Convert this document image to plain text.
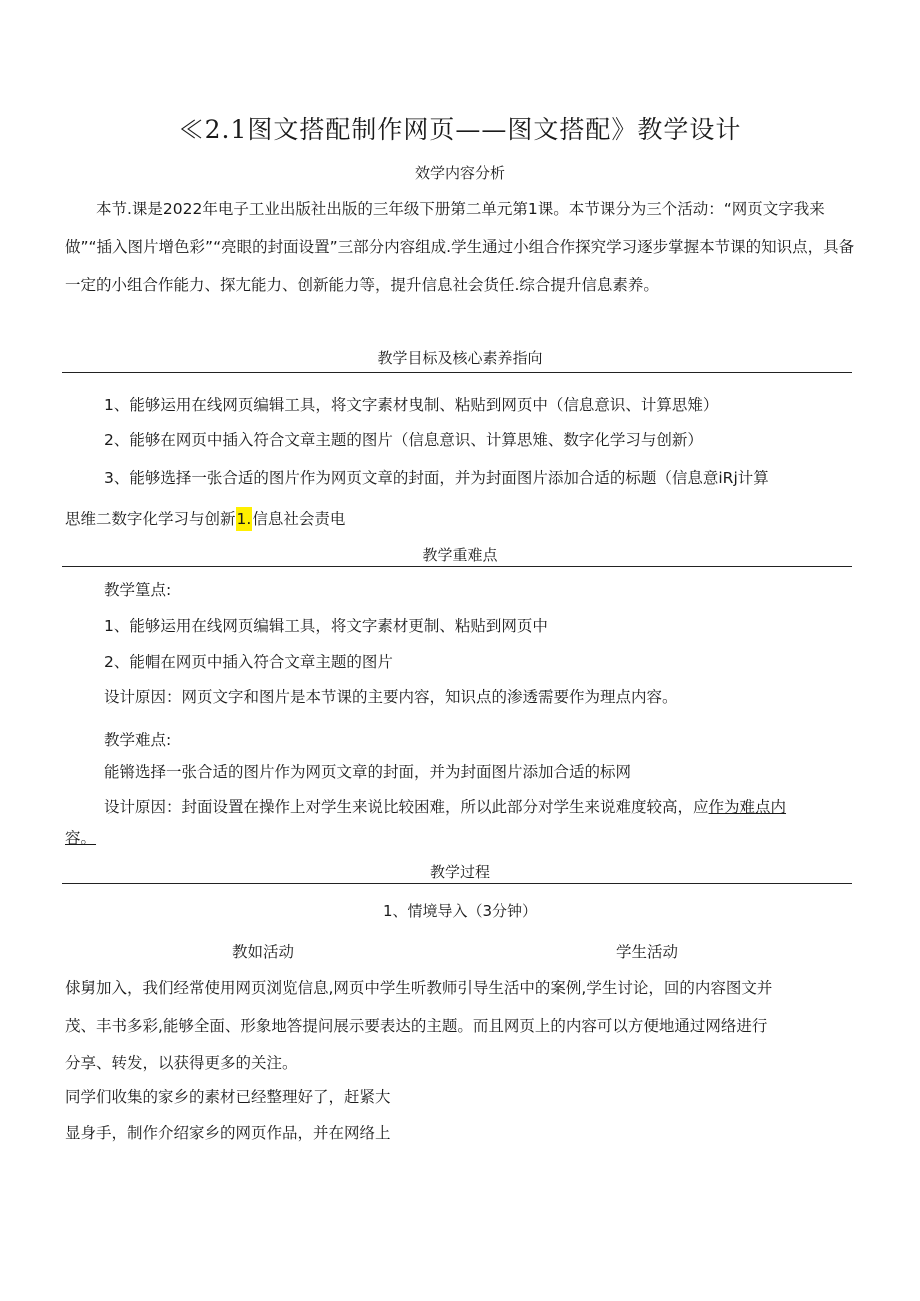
≪2.1图文搭配制作网页——图文搭配》教学设计
效学内容分析
本节.课是2022年电子工业出版社出版的三年级下册第二单元第1课。本节课分为三个活动：“网页文字我来做”“插入图片增色彩”“亮眼的封面设置”三部分内容组成.学生通过小组合作探究学习逐步掌握本节课的知识点，具备一定的小组合作能力、探尢能力、创新能力等，提升信息社会货任.综合提升信息素养。
教学目标及核心素养指向
1、能够运用在线网页编辑工具，将文字素材曳制、粘贴到网页中（信息意识、计算思雉）
2、能够在网页中插入符合文章主题的图片（信息意识、计算思雉、数字化学习与创新）
3、能够选择一张合适的图片作为网页文章的封面，并为封面图片添加合适的标题（信息意iRj计算
思维二数字化学习与创新1.信息社会责电
教学重难点
教学篁点:
1、能够运用在线网页编辑工具，将文字素材更制、粘贴到网页中
2、能帽在网页中插入符合文章主题的图片
设计原因：网页文字和图片是本节课的主要内容，知识点的渗透需要作为理点内容。
教学难点:
能锵选择一张合适的图片作为网页文章的封面，并为封面图片添加合适的标网
设计原因：封面设置在操作上对学生来说比较困难，所以此部分对学生来说难度较高，应作为难点内
容。
教学过程
1、情境导入（3分钟）
教如活动	学生活动
俅舅加入，我们经常使用网页浏览信息,网页中学生听教师引导生活中的案例,学生讨论，回的内容图文并
茂、丰书多彩,能够全面、形象地答提问展示要表达的主题。而且网页上的内容可以方便地通过网络进行
分享、转发，以获得更多的关注。
同学们收集的家乡的素材已经整理好了，赶紧大
显身手，制作介绍家乡的网页作品，并在网络上
